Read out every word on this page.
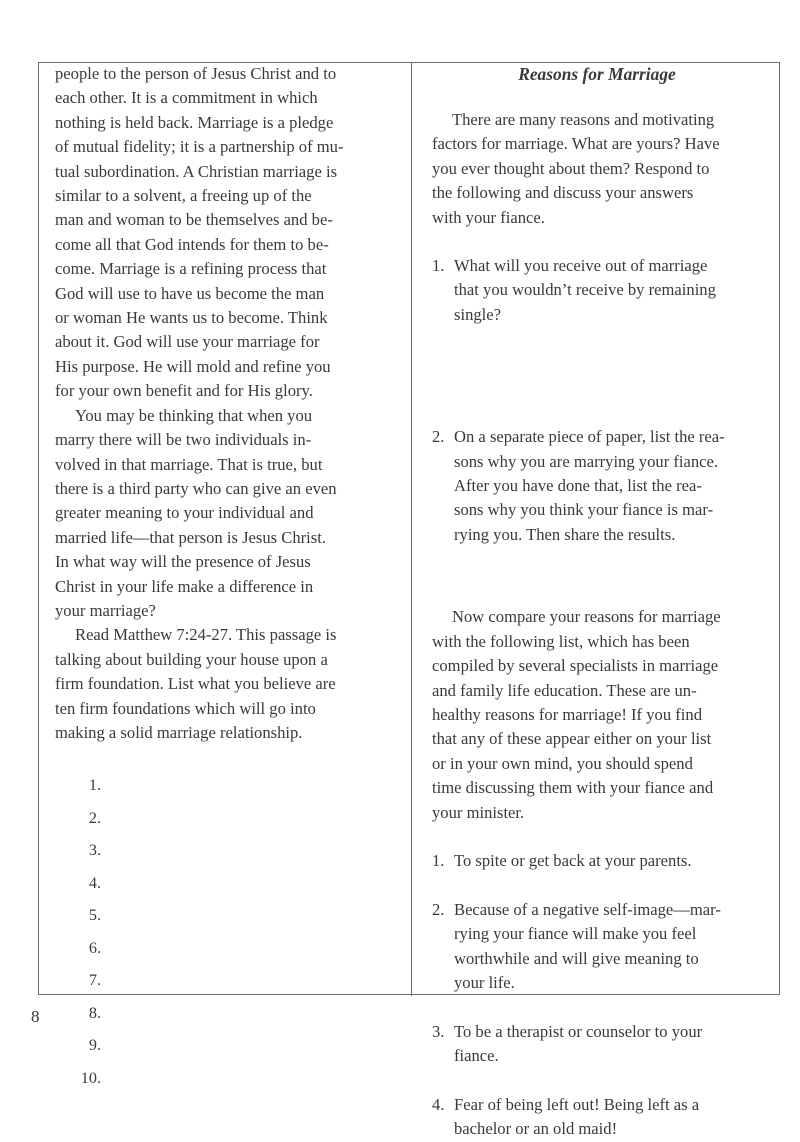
people to the person of Jesus Christ and to
each other. It is a commitment in which
nothing is held back. Marriage is a pledge
of mutual fidelity; it is a partnership of mu-
tual subordination. A Christian marriage is
similar to a solvent, a freeing up of the
man and woman to be themselves and be-
come all that God intends for them to be-
come. Marriage is a refining process that
God will use to have us become the man
or woman He wants us to become. Think
about it. God will use your marriage for
His purpose. He will mold and refine you
for your own benefit and for His glory.

You may be thinking that when you
marry there will be two individuals in-
volved in that marriage. That is true, but
there is a third party who can give an even
greater meaning to your individual and
married life—that person is Jesus Christ.
In what way will the presence of Jesus
Christ in your life make a difference in
your marriage?

Read Matthew 7:24-27. This passage is
talking about building your house upon a
firm foundation. List what you believe are
ten firm foundations which will go into
making a solid marriage relationship.

1.
2.
3.
4.
5.
6.
7.
8.
9.
10.

Reasons for Marriage

There are many reasons and motivating
factors for marriage. What are yours? Have
you ever thought about them? Respond to
the following and discuss your answers
with your fiance.

1. What will you receive out of marriage
that you wouldn’t receive by remaining
single?
2. On a separate piece of paper, list the rea-
sons why you are marrying your fiance.
After you have done that, list the rea-
sons why you think your fiance is mar-
rying you. Then share the results.

Now compare your reasons for marriage
with the following list, which has been
compiled by several specialists in marriage
and family life education. These are un-
healthy reasons for marriage! If you find
that any of these appear either on your list
or in your own mind, you should spend
time discussing them with your fiance and
your minister.

1. To spite or get back at your parents.
2. Because of a negative self-image—mar-
rying your fiance will make you feel
worthwhile and will give meaning to
your life.
3. To be a therapist or counselor to your
fiance.
4. Fear of being left out! Being left as a
bachelor or an old maid!
8
